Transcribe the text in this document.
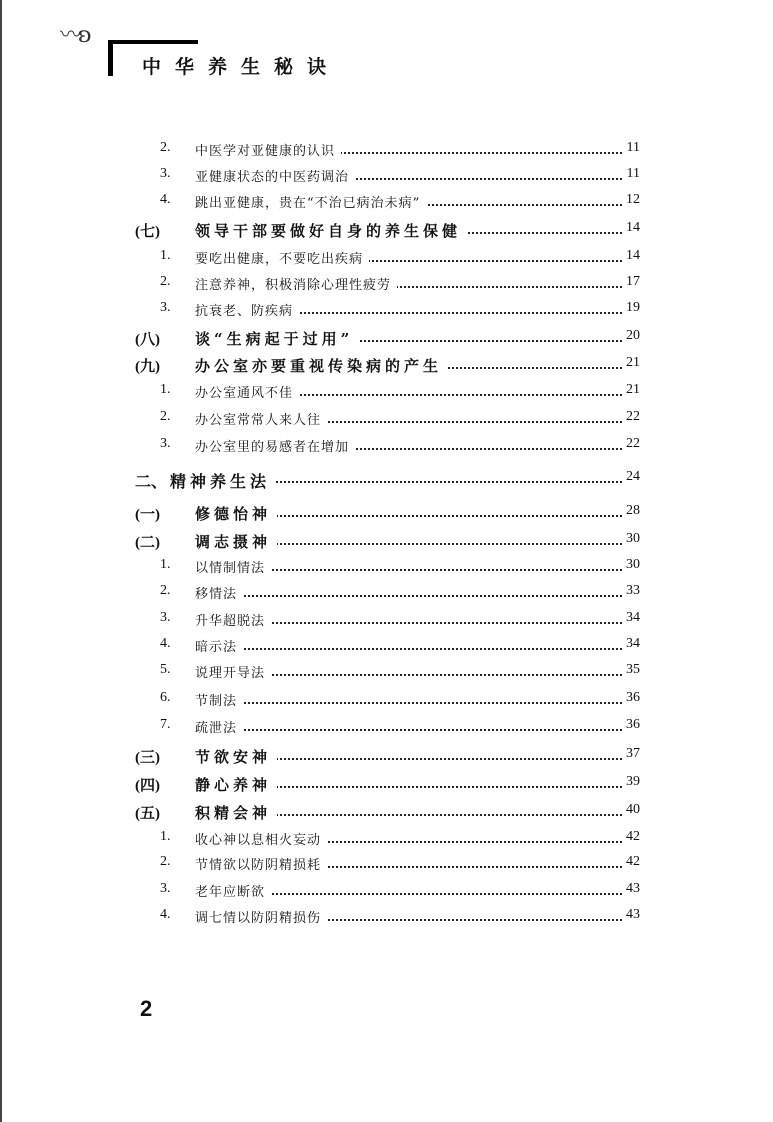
〰ʚ
中华养生秘诀
2.	中医学对亚健康的认识	11
3.	亚健康状态的中医药调治	11
4.	跳出亚健康，贵在“不治已病治未病”	12
(七)	领导干部要做好自身的养生保健	14
1.	要吃出健康，不要吃出疾病	14
2.	注意养神，积极消除心理性疲劳	17
3.	抗衰老、防疾病	19
(八)	谈“生病起于过用”	20
(九)	办公室亦要重视传染病的产生	21
1.	办公室通风不佳	21
2.	办公室常常人来人往	22
3.	办公室里的易感者在增加	22
二、 精神养生法	24
(一)	修德怡神	28
(二)	调志摄神	30
1.	以情制情法	30
2.	移情法	33
3.	升华超脱法	34
4.	暗示法	34
5.	说理开导法	35
6.	节制法	36
7.	疏泄法	36
(三)	节欲安神	37
(四)	静心养神	39
(五)	积精会神	40
1.	收心神以息相火妄动	42
2.	节情欲以防阴精损耗	42
3.	老年应断欲	43
4.	调七情以防阴精损伤	43
2
